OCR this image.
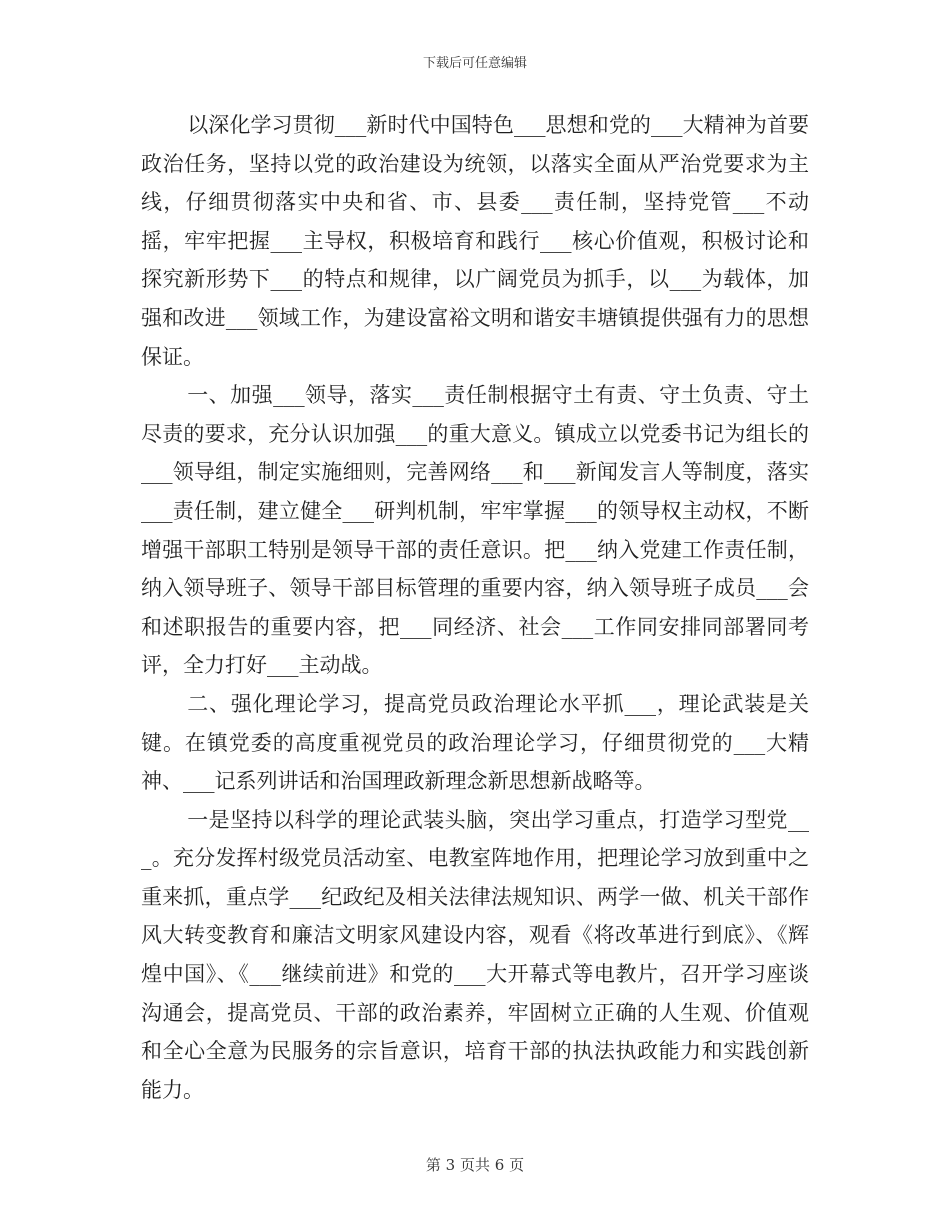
下载后可任意编辑

以深化学习贯彻___新时代中国特色___思想和党的___大精神为首要政治任务，坚持以党的政治建设为统领，以落实全面从严治党要求为主线，仔细贯彻落实中央和省、市、县委___责任制，坚持党管___不动摇，牢牢把握___主导权，积极培育和践行___核心价值观，积极讨论和探究新形势下___的特点和规律，以广阔党员为抓手，以___为载体，加强和改进___领域工作，为建设富裕文明和谐安丰塘镇提供强有力的思想保证。

一、加强___领导，落实___责任制根据守土有责、守土负责、守土尽责的要求，充分认识加强___的重大意义。镇成立以党委书记为组长的___领导组，制定实施细则，完善网络___和___新闻发言人等制度，落实___责任制，建立健全___研判机制，牢牢掌握___的领导权主动权，不断增强干部职工特别是领导干部的责任意识。把___纳入党建工作责任制，纳入领导班子、领导干部目标管理的重要内容，纳入领导班子成员___会和述职报告的重要内容，把___同经济、社会___工作同安排同部署同考评，全力打好___主动战。

二、强化理论学习，提高党员政治理论水平抓___，理论武装是关键。在镇党委的高度重视党员的政治理论学习，仔细贯彻党的___大精神、___记系列讲话和治国理政新理念新思想新战略等。

一是坚持以科学的理论武装头脑，突出学习重点，打造学习型党___。充分发挥村级党员活动室、电教室阵地作用，把理论学习放到重中之重来抓，重点学___纪政纪及相关法律法规知识、两学一做、机关干部作风大转变教育和廉洁文明家风建设内容，观看《将改革进行到底》、《辉煌中国》、《___继续前进》和党的___大开幕式等电教片，召开学习座谈沟通会，提高党员、干部的政治素养，牢固树立正确的人生观、价值观和全心全意为民服务的宗旨意识，培育干部的执法执政能力和实践创新能力。

第 3 页共 6 页
